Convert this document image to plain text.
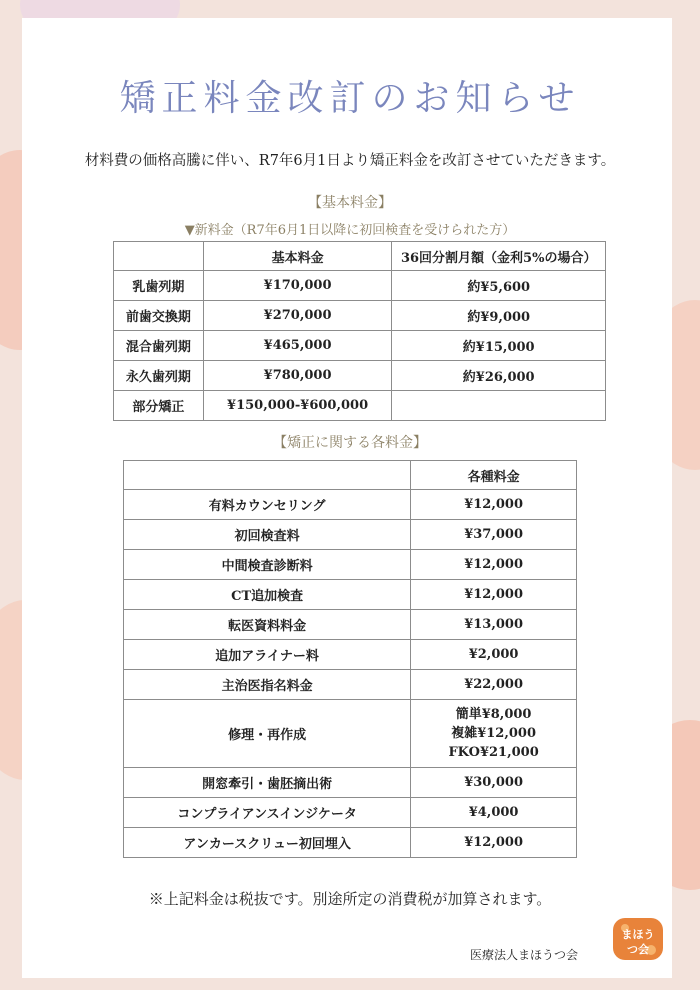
矯正料金改訂のお知らせ
材料費の価格高騰に伴い、R7年6月1日より矯正料金を改訂させていただきます。
【基本料金】
▼新料金（R7年6月1日以降に初回検査を受けられた方）
	基本料金	36回分割月額（金利5%の場合）
乳歯列期	¥170,000	約¥5,600
前歯交換期	¥270,000	約¥9,000
混合歯列期	¥465,000	約¥15,000
永久歯列期	¥780,000	約¥26,000
部分矯正	¥150,000-¥600,000	
【矯正に関する各料金】
	各種料金
有料カウンセリング	¥12,000
初回検査料	¥37,000
中間検査診断料	¥12,000
CT追加検査	¥12,000
転医資料料金	¥13,000
追加アライナー料	¥2,000
主治医指名料金	¥22,000
修理・再作成	簡単¥8,000
複雑¥12,000
FKO¥21,000

開窓牽引・歯胚摘出術	¥30,000
コンプライアンスインジケータ	¥4,000
アンカースクリュー初回埋入	¥12,000
※上記料金は税抜です。別途所定の消費税が加算されます。
医療法人まほうつ会
まほう
つ会
